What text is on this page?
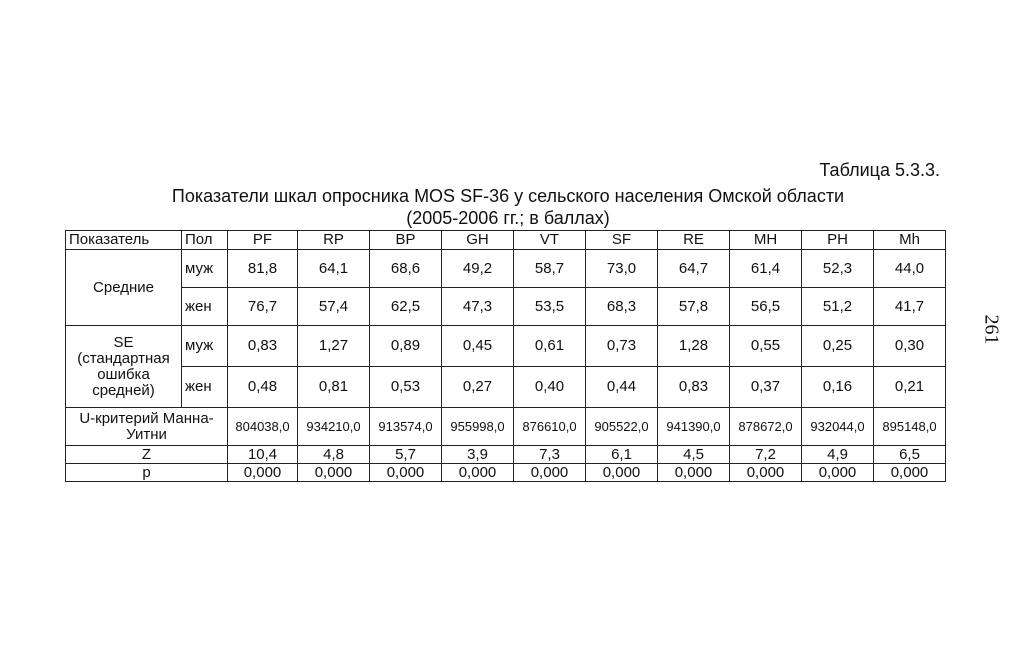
Таблица 5.3.3.
Показатели шкал опросника MOS SF-36 у сельского населения Омской области
(2005-2006 гг.; в баллах)
261
Показатель	Пол	PF	RP	BP	GH	VT	SF	RE	MH	PH	Mh
Средние	муж	81,8	64,1	68,6	49,2	58,7	73,0	64,7	61,4	52,3	44,0
	жен	76,7	57,4	62,5	47,3	53,5	68,3	57,8	56,5	51,2	41,7
SE (стандартная ошибка средней)	муж	0,83	1,27	0,89	0,45	0,61	0,73	1,28	0,55	0,25	0,30
	жен	0,48	0,81	0,53	0,27	0,40	0,44	0,83	0,37	0,16	0,21
U-критерий Манна-Уитни		804038,0	934210,0	913574,0	955998,0	876610,0	905522,0	941390,0	878672,0	932044,0	895148,0
Z		10,4	4,8	5,7	3,9	7,3	6,1	4,5	7,2	4,9	6,5
p		0,000	0,000	0,000	0,000	0,000	0,000	0,000	0,000	0,000	0,000
